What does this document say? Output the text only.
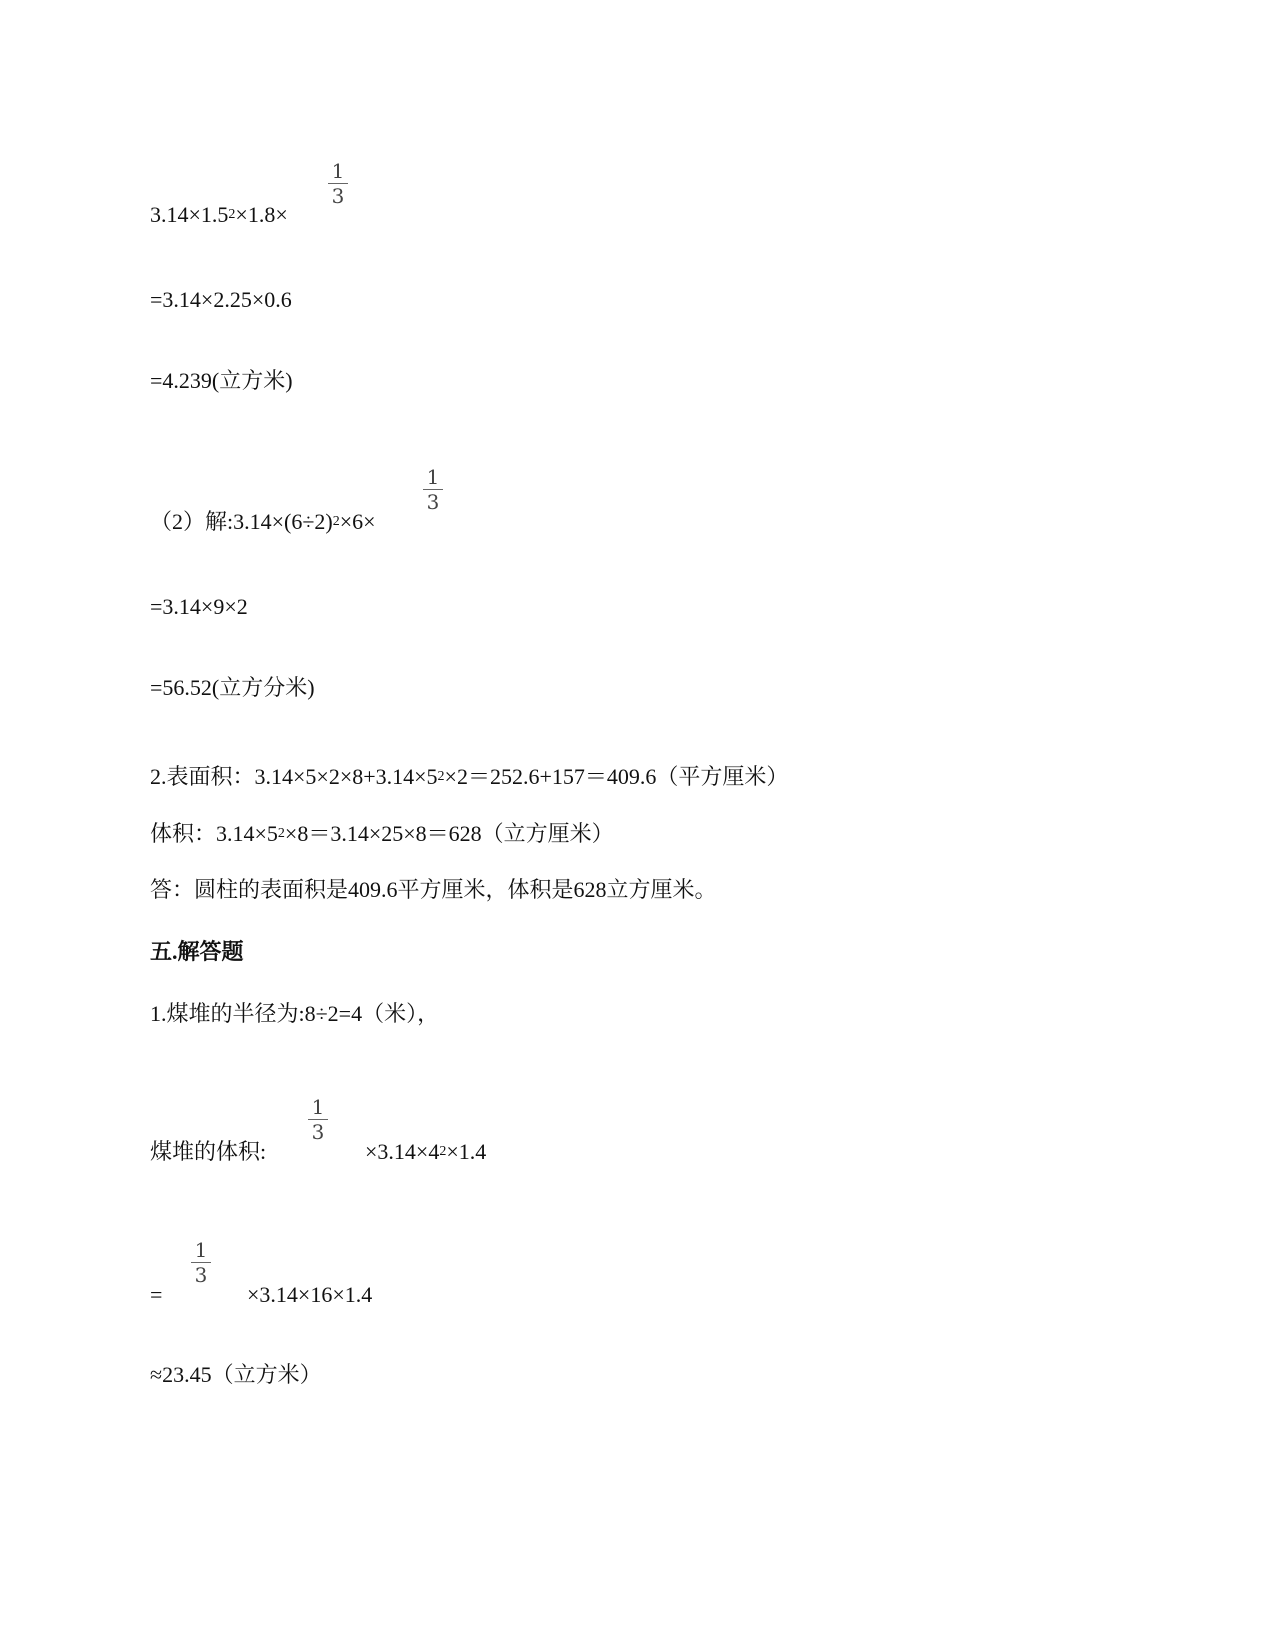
1
3
$3.14\times 1.5^2\times 1.8\times$
=3.14×2.25×0.6
=4.239(立方米)
1
3
（2）解$:3.14\times(6\div 2)^2\times 6\times$
=3.14×9×2
=56.52(立方分米)
2.表面积：$3.14\times 5\times 2\times 8+3.14\times 5^2\times 2=252.6+157=409.6$（平方厘米）
体积：$3.14\times 5^2\times 8=3.14\times 25\times 8=628$（立方厘米）
答：圆柱的表面积是409.6平方厘米，体积是628立方厘米。
五.解答题
1.煤堆的半径为:8÷2=4（米），
1
3
煤堆的体积:	$\times 3.14\times 4^2\times 1.4$
1
3
=	×3.14×16×1.4
≈23.45（立方米）
